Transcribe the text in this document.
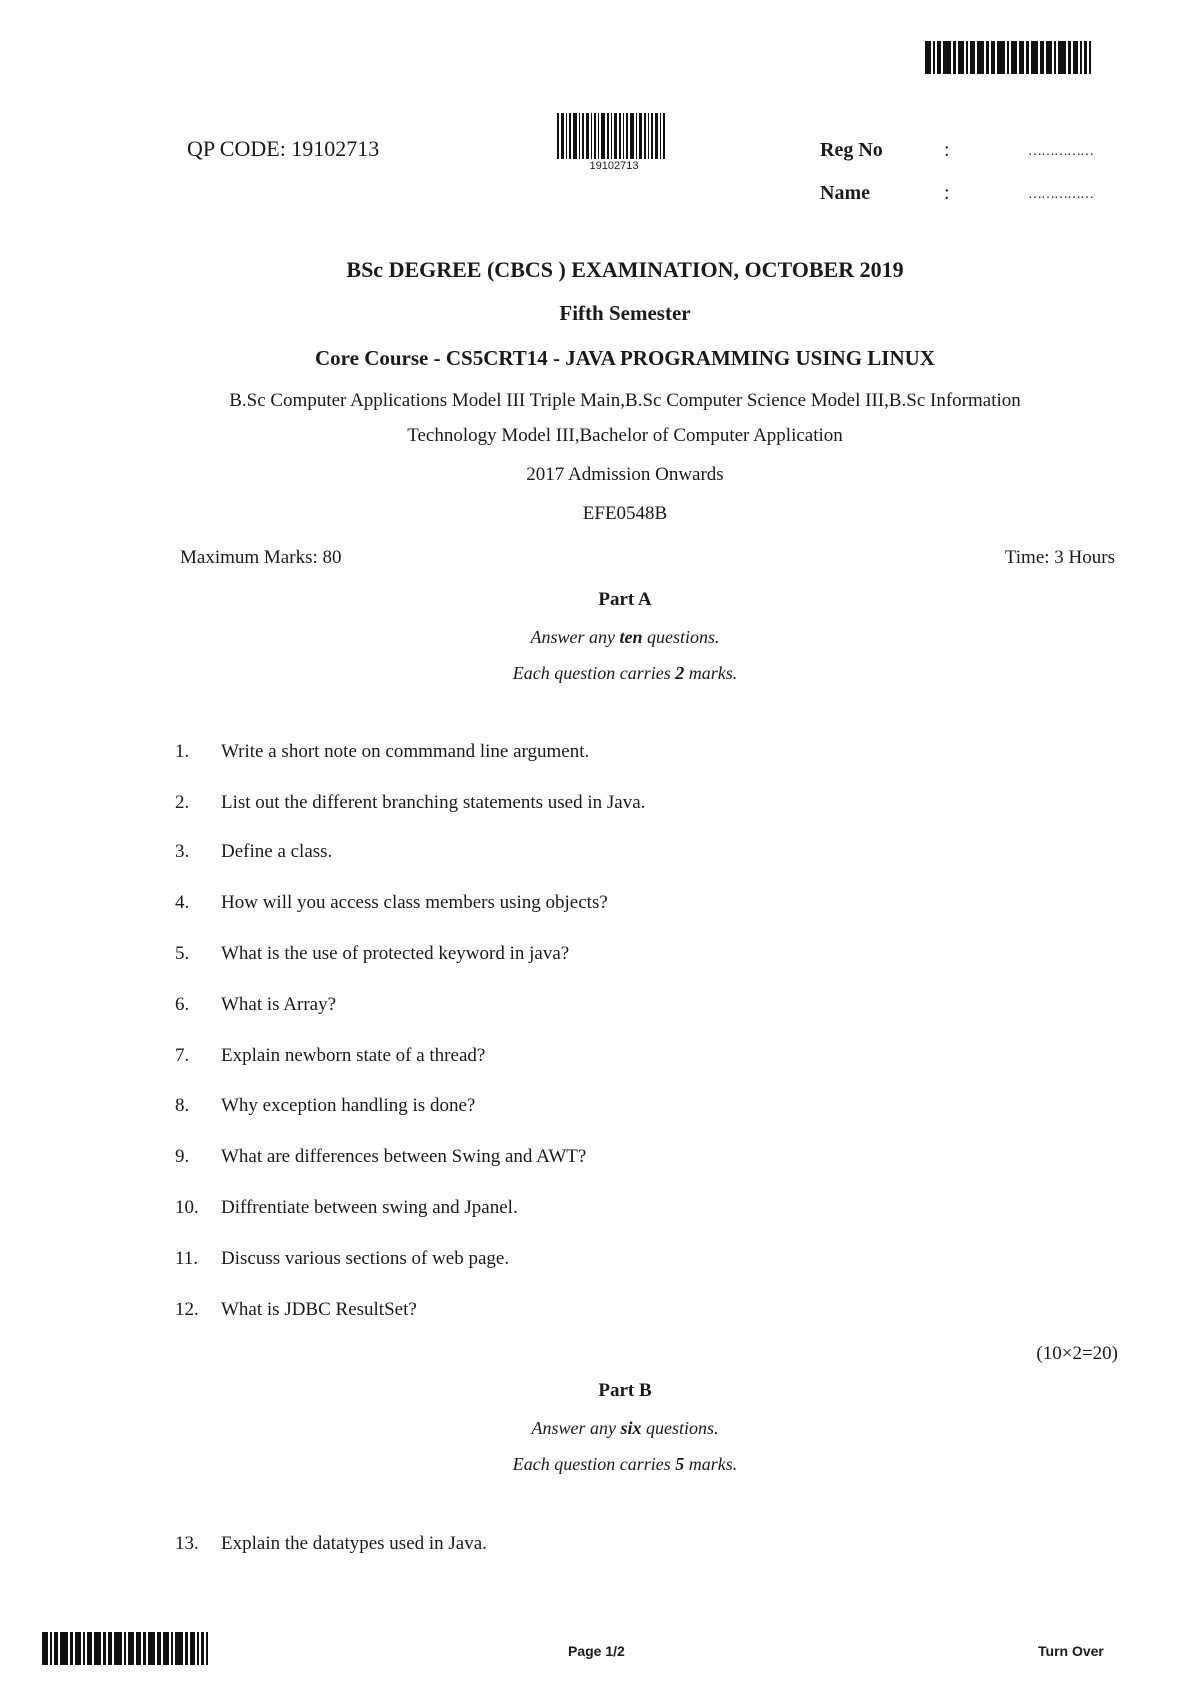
QP CODE: 19102713
19102713
Reg No	:	……………
Name	:	……………
BSc DEGREE (CBCS ) EXAMINATION, OCTOBER 2019
Fifth Semester
Core Course - CS5CRT14 - JAVA PROGRAMMING USING LINUX
B.Sc Computer Applications Model III Triple Main,B.Sc Computer Science Model III,B.Sc Information
Technology Model III,Bachelor of Computer Application
2017 Admission Onwards
EFE0548B
Maximum Marks: 80	Time: 3 Hours
Part A
Answer any ten questions.
Each question carries 2 marks.
1. Write a short note on commmand line argument.
2. List out the different branching statements used in Java.
3. Define a class.
4. How will you access class members using objects?
5. What is the use of protected keyword in java?
6. What is Array?
7. Explain newborn state of a thread?
8. Why exception handling is done?
9. What are differences between Swing and AWT?
10. Diffrentiate between swing and Jpanel.
11. Discuss various sections of web page.
12. What is JDBC ResultSet?
(10×2=20)
Part B
Answer any six questions.
Each question carries 5 marks.
13. Explain the datatypes used in Java.
Page 1/2	Turn Over
